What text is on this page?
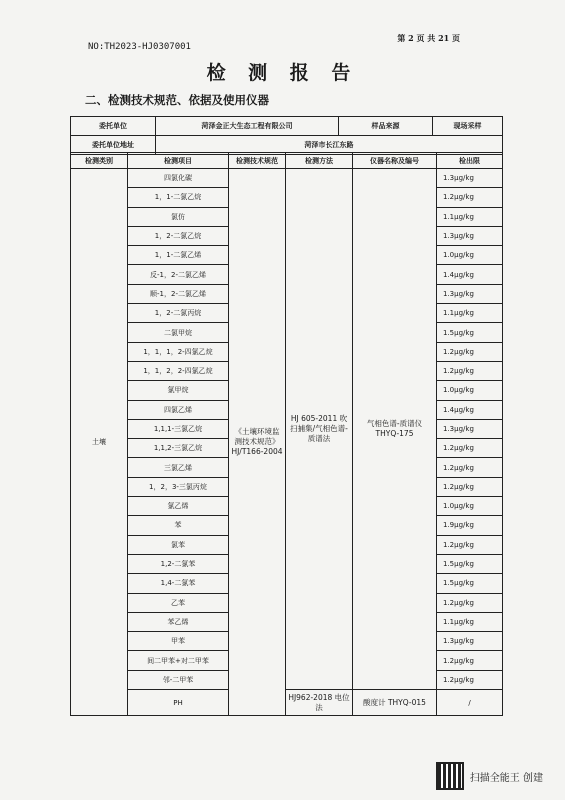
第 2 页 共 21 页
NO:TH2023-HJ0307001
检 测 报 告
二、检测技术规范、依据及使用仪器
委托单位	菏泽金正大生态工程有限公司	样品来源	现场采样
委托单位地址	菏泽市长江东路		
检测类别	检测项目	检测技术规范	检测方法	仪器名称及编号	检出限
土壤	四氯化碳	《土壤环境监测技术规范》HJ/T166-2004	HJ 605-2011 吹扫捕集/气相色谱-质谱法	气相色谱-质谱仪 THYQ-175	1.3μg/kg
	1，1-二氯乙烷				1.2μg/kg
	氯仿				1.1μg/kg
	1，2-二氯乙烷				1.3μg/kg
	1，1-二氯乙烯				1.0μg/kg
	反-1，2-二氯乙烯				1.4μg/kg
	顺-1，2-二氯乙烯				1.3μg/kg
	1，2-二氯丙烷				1.1μg/kg
	二氯甲烷				1.5μg/kg
	1，1，1，2-四氯乙烷				1.2μg/kg
	1，1，2，2-四氯乙烷				1.2μg/kg
	氯甲烷				1.0μg/kg
	四氯乙烯				1.4μg/kg
	1,1,1-三氯乙烷				1.3μg/kg
	1,1,2-三氯乙烷				1.2μg/kg
	三氯乙烯				1.2μg/kg
	1，2，3-三氯丙烷				1.2μg/kg
	氯乙烯				1.0μg/kg
	苯				1.9μg/kg
	氯苯				1.2μg/kg
	1,2-二氯苯				1.5μg/kg
	1,4-二氯苯				1.5μg/kg
	乙苯				1.2μg/kg
	苯乙烯				1.1μg/kg
	甲苯				1.3μg/kg
	间二甲苯+对二甲苯				1.2μg/kg
	邻-二甲苯				1.2μg/kg
	PH		HJ962-2018 电位法	酸度计 THYQ-015	/
扫描全能王 创建
